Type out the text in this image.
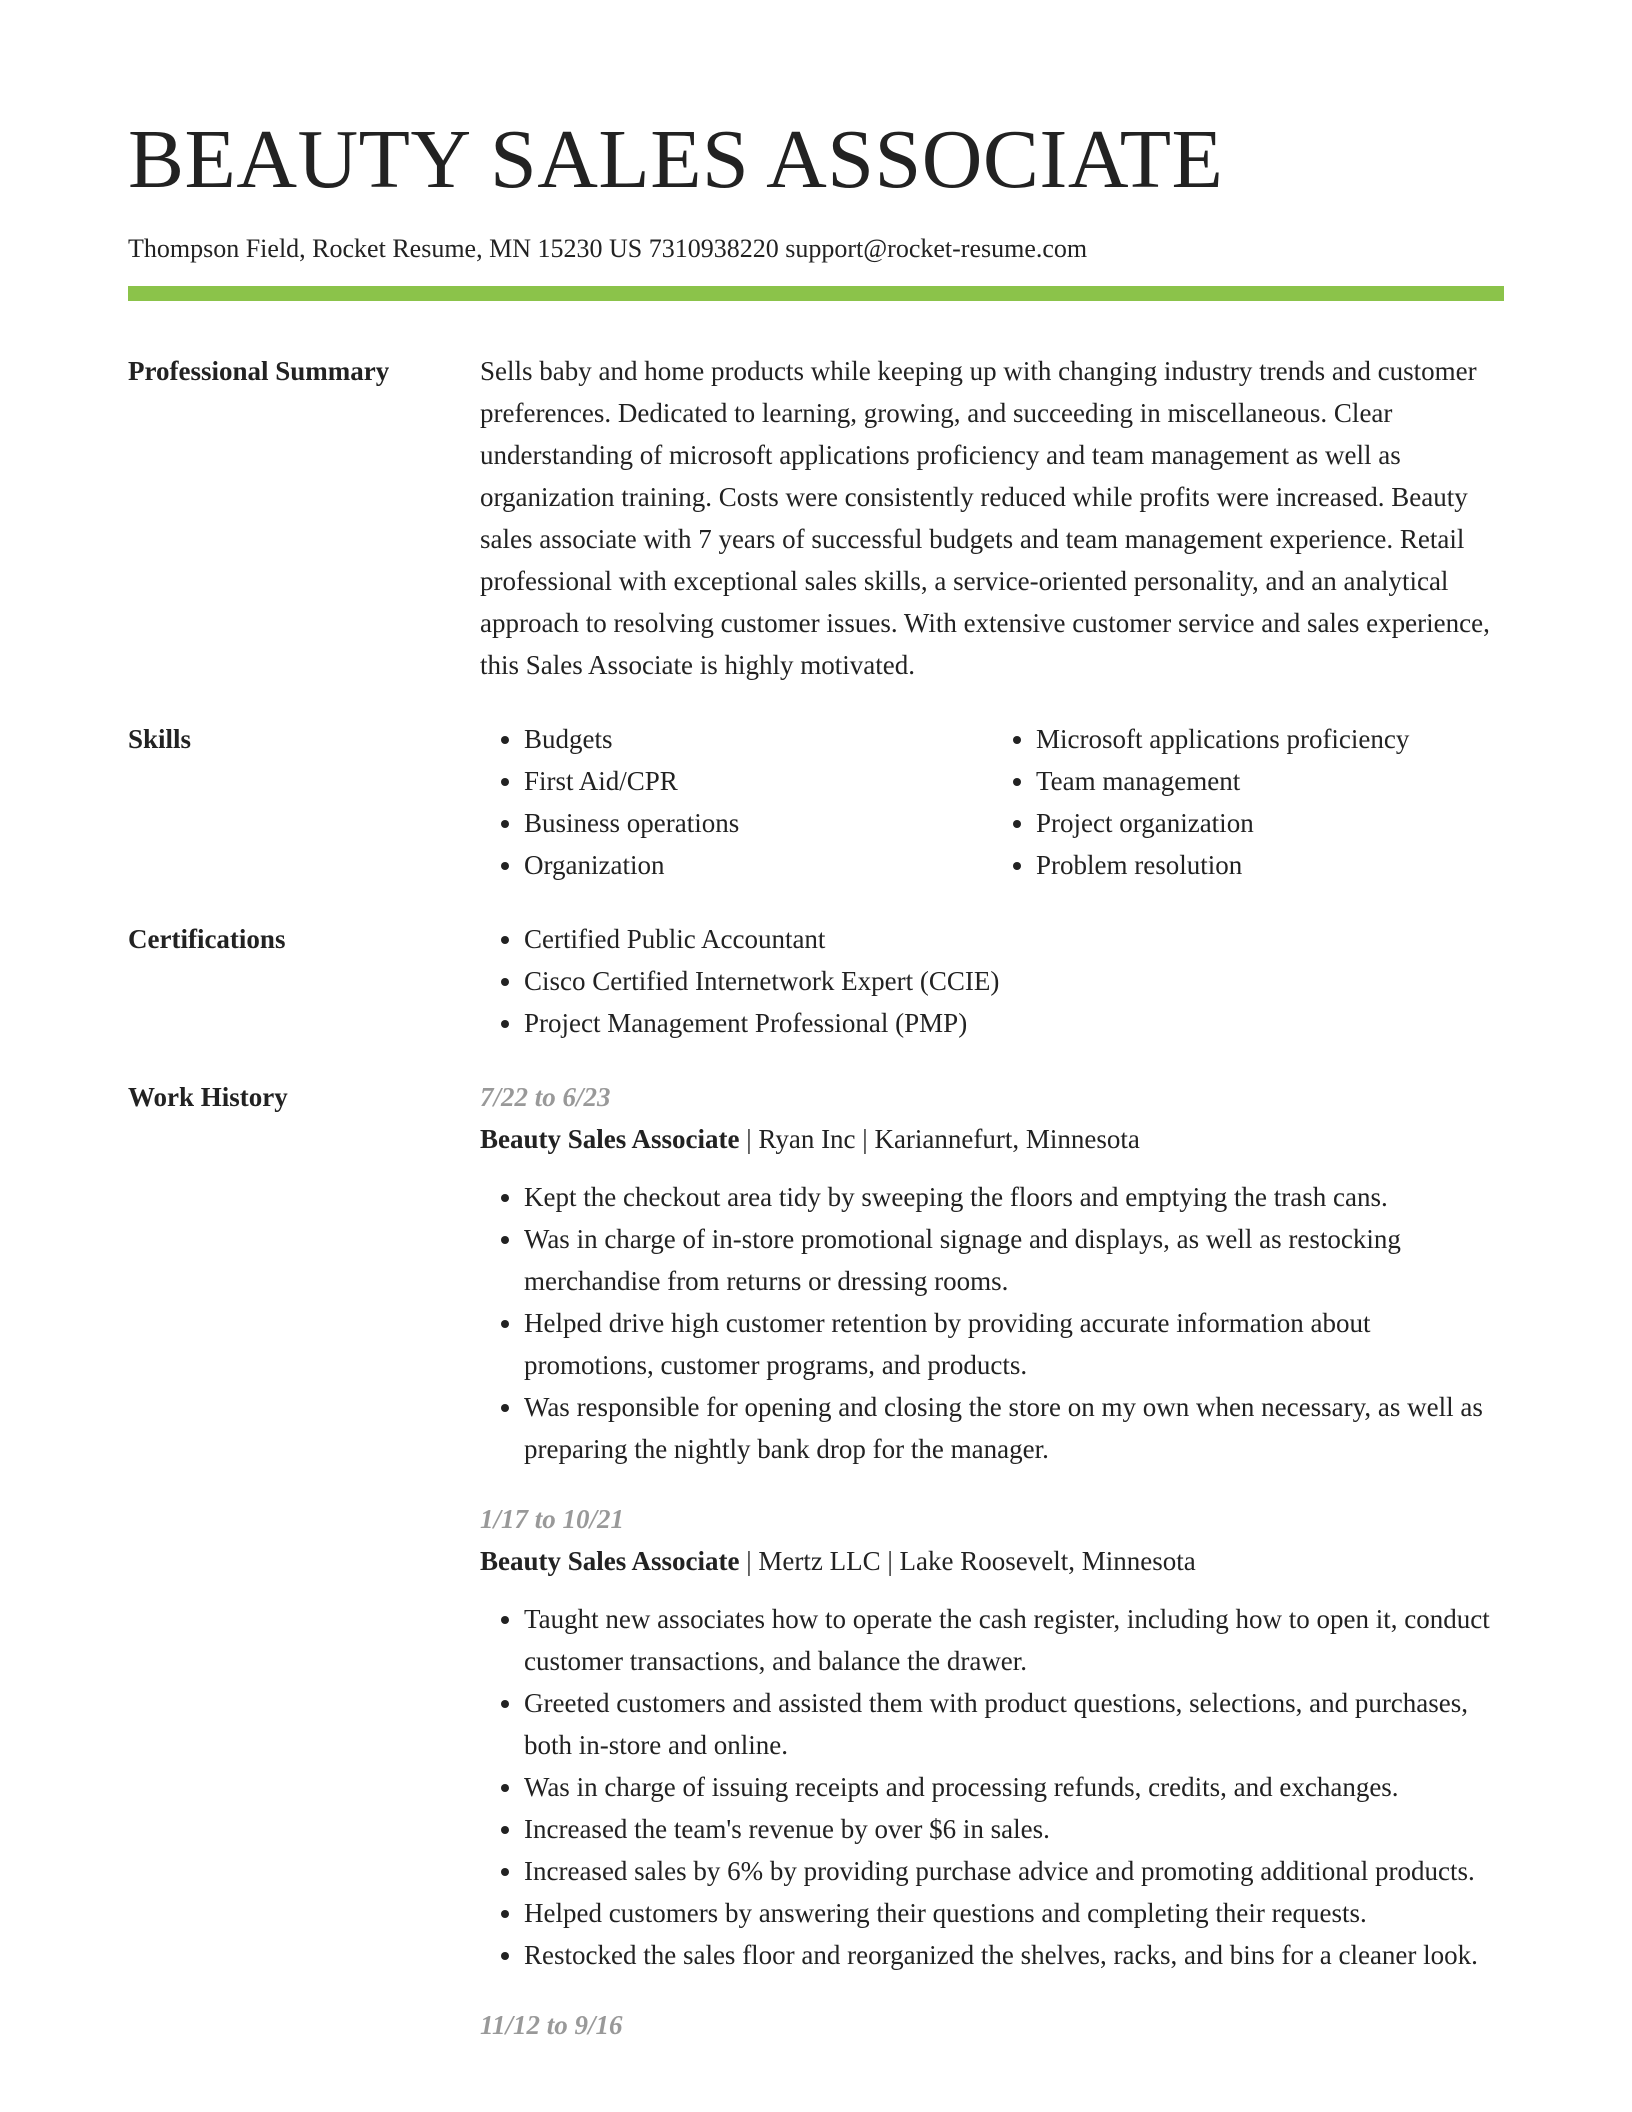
BEAUTY SALES ASSOCIATE
Thompson Field, Rocket Resume, MN 15230 US 7310938220 support@rocket-resume.com
Professional Summary	Sells baby and home products while keeping up with changing industry trends and customer preferences. Dedicated to learning, growing, and succeeding in miscellaneous. Clear understanding of microsoft applications proficiency and team management as well as organization training. Costs were consistently reduced while profits were increased. Beauty sales associate with 7 years of successful budgets and team management experience. Retail professional with exceptional sales skills, a service-oriented personality, and an analytical approach to resolving customer issues. With extensive customer service and sales experience, this Sales Associate is highly motivated.

Skills	• Budgets
• First Aid/CPR
• Business operations
• Organization
• Microsoft applications proficiency
• Team management
• Project organization
• Problem resolution
Certifications	• Certified Public Accountant
• Cisco Certified Internetwork Expert (CCIE)
• Project Management Professional (PMP)
Work History	7/22 to 6/23
Beauty Sales Associate | Ryan Inc | Kariannefurt, Minnesota
• Kept the checkout area tidy by sweeping the floors and emptying the trash cans.
• Was in charge of in-store promotional signage and displays, as well as restocking merchandise from returns or dressing rooms.
• Helped drive high customer retention by providing accurate information about promotions, customer programs, and products.
• Was responsible for opening and closing the store on my own when necessary, as well as preparing the nightly bank drop for the manager.
1/17 to 10/21
Beauty Sales Associate | Mertz LLC | Lake Roosevelt, Minnesota
• Taught new associates how to operate the cash register, including how to open it, conduct customer transactions, and balance the drawer.
• Greeted customers and assisted them with product questions, selections, and purchases, both in-store and online.
• Was in charge of issuing receipts and processing refunds, credits, and exchanges.
• Increased the team's revenue by over $6 in sales.
• Increased sales by 6% by providing purchase advice and promoting additional products.
• Helped customers by answering their questions and completing their requests.
• Restocked the sales floor and reorganized the shelves, racks, and bins for a cleaner look.
11/12 to 9/16
